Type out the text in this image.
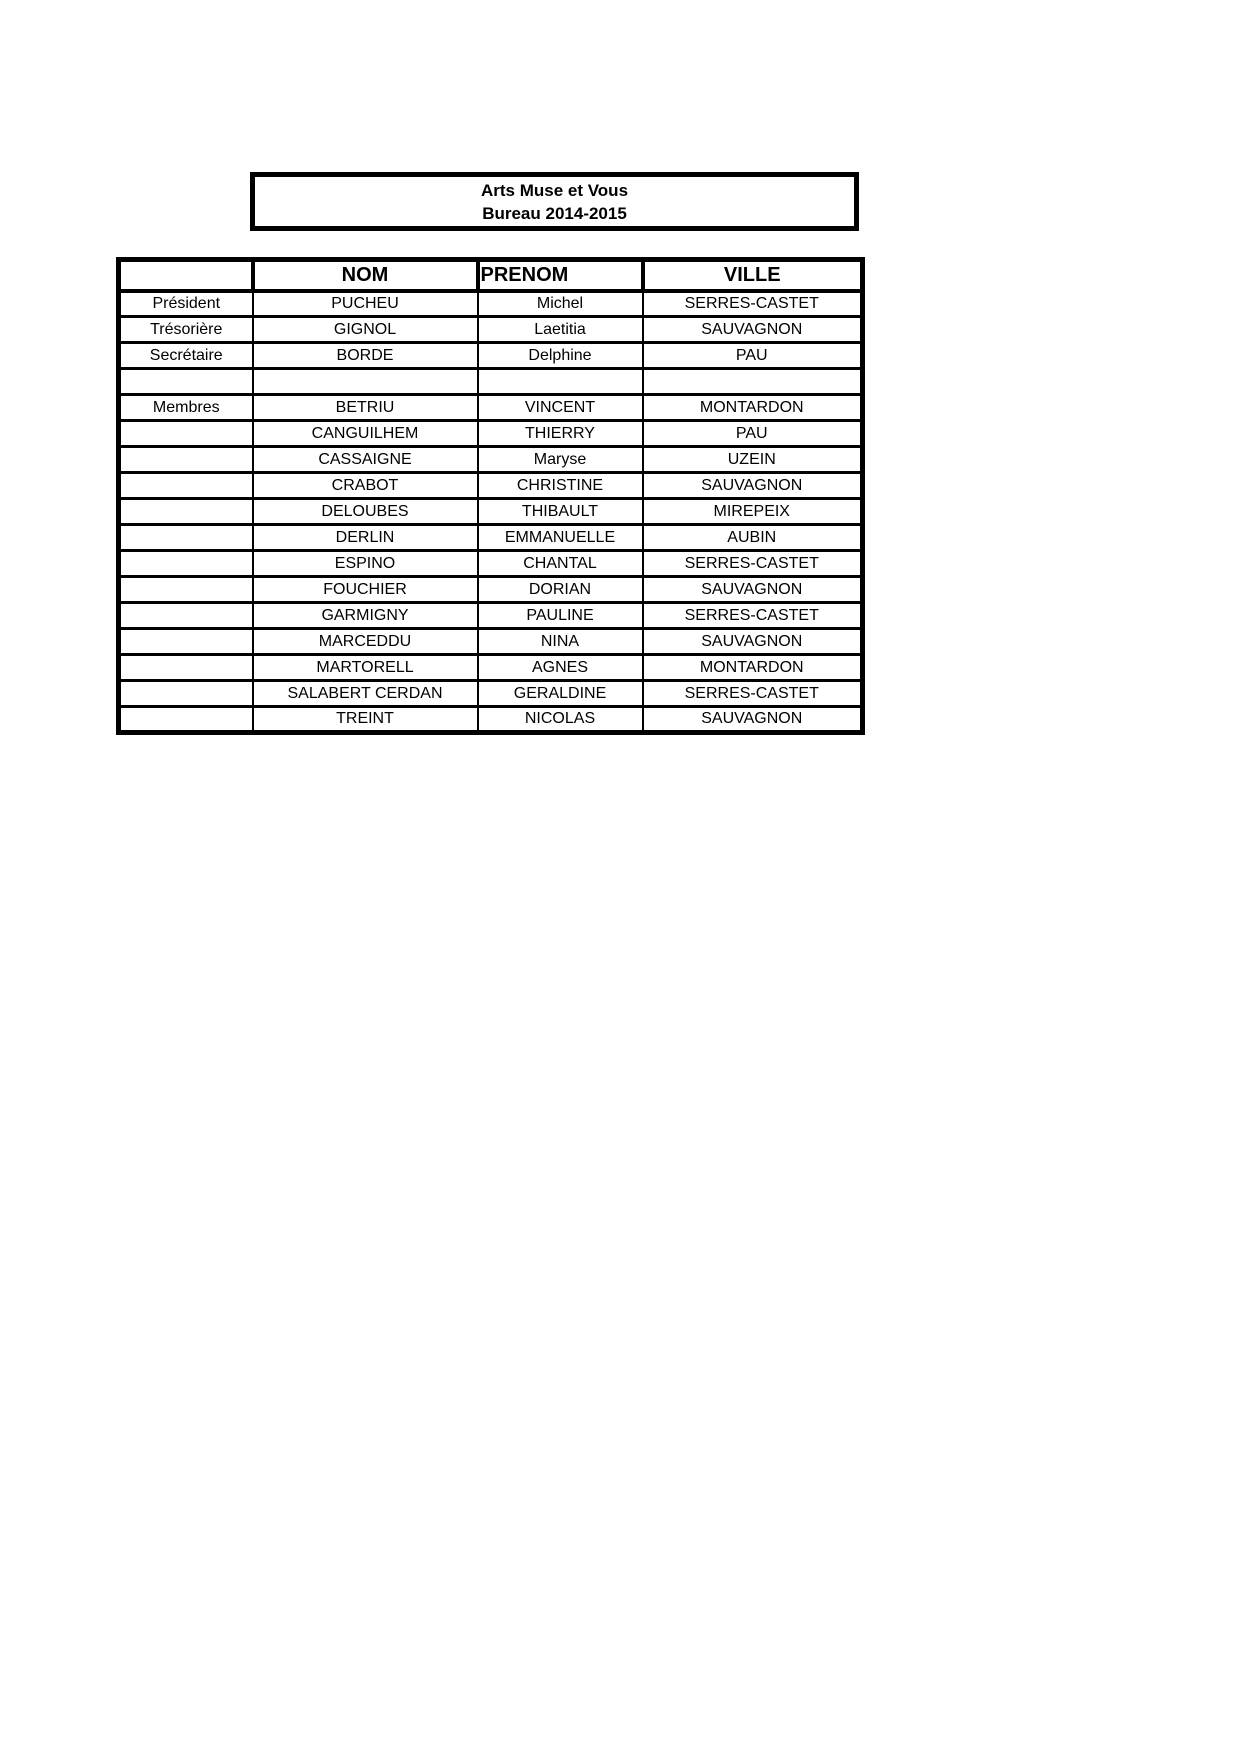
Arts Muse et Vous
Bureau 2014-2015
	NOM	PRENOM	VILLE
Président	PUCHEU	Michel	SERRES-CASTET
Trésorière	GIGNOL	Laetitia	SAUVAGNON
Secrétaire	BORDE	Delphine	PAU

Membres	BETRIU	VINCENT	MONTARDON
	CANGUILHEM	THIERRY	PAU
	CASSAIGNE	Maryse	UZEIN
	CRABOT	CHRISTINE	SAUVAGNON
	DELOUBES	THIBAULT	MIREPEIX
	DERLIN	EMMANUELLE	AUBIN
	ESPINO	CHANTAL	SERRES-CASTET
	FOUCHIER	DORIAN	SAUVAGNON
	GARMIGNY	PAULINE	SERRES-CASTET
	MARCEDDU	NINA	SAUVAGNON
	MARTORELL	AGNES	MONTARDON
	SALABERT CERDAN	GERALDINE	SERRES-CASTET
	TREINT	NICOLAS	SAUVAGNON
